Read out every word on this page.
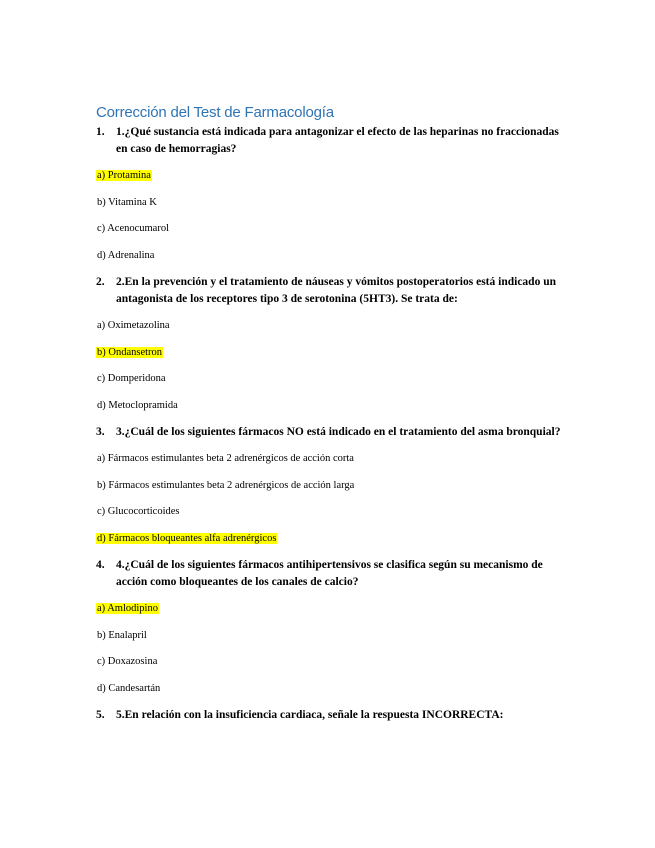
Corrección del Test de Farmacología
1. 1.¿Qué sustancia está indicada para antagonizar el efecto de las heparinas no fraccionadas en caso de hemorragias?
a) Protamina
b) Vitamina K
c) Acenocumarol
d) Adrenalina
2. 2.En la prevención y el tratamiento de náuseas y vómitos postoperatorios está indicado un antagonista de los receptores tipo 3 de serotonina (5HT3). Se trata de:
a) Oximetazolina
b) Ondansetron
c) Domperidona
d) Metoclopramida
3. 3.¿Cuál de los siguientes fármacos NO está indicado en el tratamiento del asma bronquial?
a) Fármacos estimulantes beta 2 adrenérgicos de acción corta
b) Fármacos estimulantes beta 2 adrenérgicos de acción larga
c) Glucocorticoides
d) Fármacos bloqueantes alfa adrenérgicos
4. 4.¿Cuál de los siguientes fármacos antihipertensivos se clasifica según su mecanismo de acción como bloqueantes de los canales de calcio?
a) Amlodipino
b) Enalapril
c) Doxazosina
d) Candesartán
5. 5.En relación con la insuficiencia cardiaca, señale la respuesta INCORRECTA:
